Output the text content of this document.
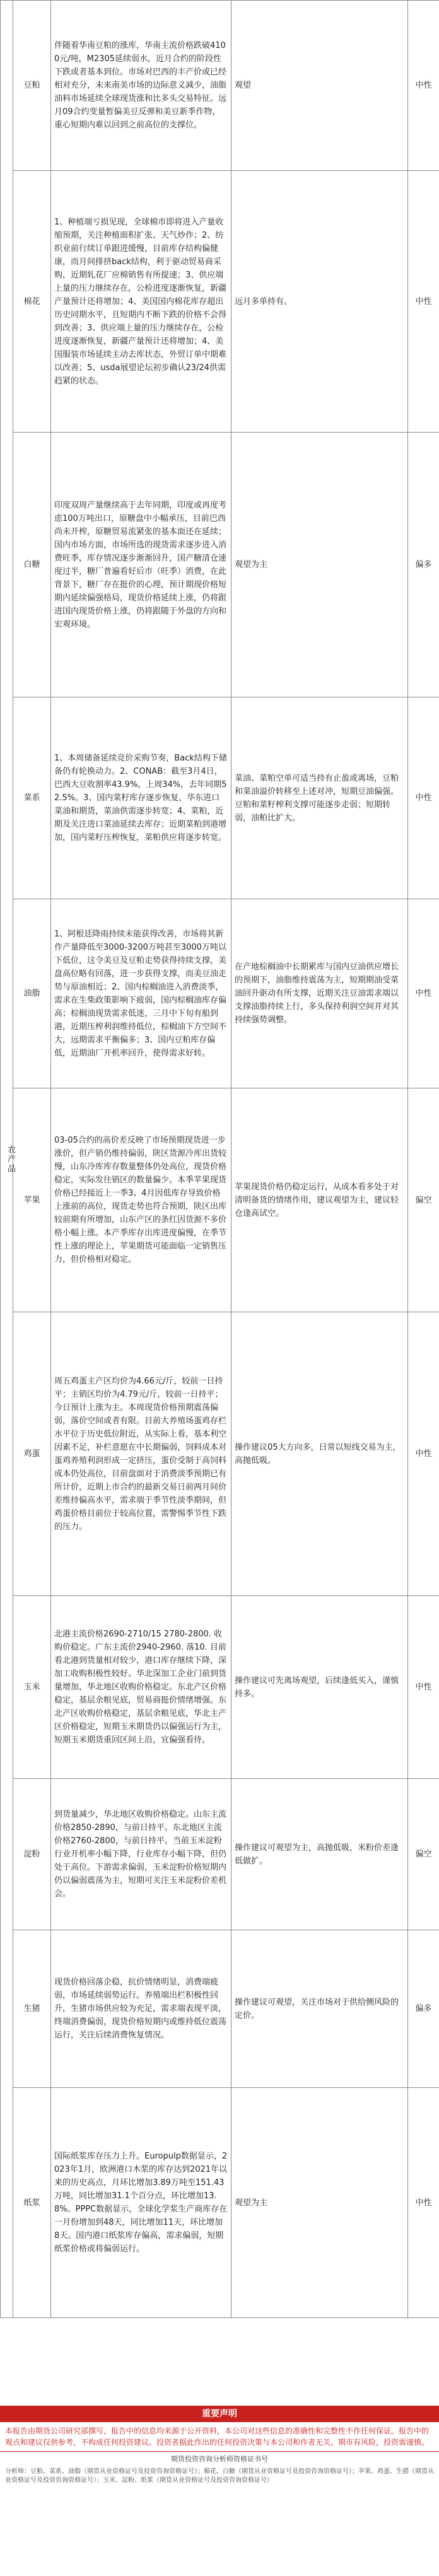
农产品	豆粕	伴随着华南豆粕的涨库，华南主流价格跌破4100元/吨，M2305延续弱水，近月合约的阶段性下跌或者基本到位。市场对巴西的丰产价或已经相对充分，未来南美市场的边际意义减少，油脂油料市场延续全球现货涨和比多头交易特征。远月09合约变量暂偏美豆反弹和美豆新季作物，重心短期内难以回到之前高位的支撑位。	观望	中性
	棉花	1、种植端亏损见现，全球棉市即将进入产量收缩预期，关注种植面积扩张、天气炒作；2、纺织业前行续订单跟进缓慢，目前库存结构偏健康，而月间排挤back结构，利于驱动贸易商采购，近期轧花厂应棉销售有所提速；3、供应端上量的压力继续存在，公检进度逐渐恢复，新疆产量预计还将增加；4、美国国内棉花库存超出历史同期水平，且短期内不断下跌的价格不会得到改善；3、供应端上量的压力继续存在，公检进度逐渐恢复，新疆产量预计还将增加；4、美国服装市场延续主动去库状态，外贸订单中期难以改善；5、usda展望论坛初步确认23/24供需趋紧的状态。	远月多单持有。	中性
	白糖	印度双周产量继续高于去年同期，印度或再度考虑100万吨出口，原糖盘中小幅承压，目前巴西尚未开榨，原糖贸易流紧张的基本面还在延续；国内市场方面，市场所选的现货需求逐步进入消费旺季，库存情况逐步渐渐回升，国产糖清仓速度过半，糖厂普遍看好后市（旺季）消费，在此背景下，糖厂存在挺价的心理，预计期现价格短期内延续偏强格局，现货价格延续上涨，仍将跟进国内现货价格上涨，仍将跟随于外盘的方向和宏观环境。	观望为主	偏多
	菜系	1、本周储备延续竞价采购节奏，Back结构下储备仍有轮换动力。2、CONAB：截至3月4日，巴西大豆收割率43.9%，上周34%，去年同期52.5%。3、国内菜籽库存逐步恢复，华东进口菜油和期货，菜油供需逐步转宽；4、菜粕，近期及关注进口菜油延续去库存；近期菜粕到港增加，国内菜籽压榨恢复，菜粕供应将逐步转宽。	菜油、菜粕空单可适当持有止盈或离场，豆粕和菜油溢价转移至上述对冲，短期豆油偏强。豆粕和菜籽榨利支撑可能逐步走弱；短期转弱，油粕比扩大。	中性
	油脂	1、阿根廷降雨持续未能获得改善，市场将其新作产量降低至3000-3200万吨甚至3000万吨以下低位，这令美豆及豆粕走势获得持续支撑，美盘高位略有回落，进一步获得支撑，而美豆油走势与原油相近；2、国内棕榈油进入消费淡季，需求在生柴政策影响下疲弱，国内棕榈油库存偏高；棕榈油现货需求低迷，三月中下旬有船到港，近期压榨利润维持低位，棕榈油下方空间不大，远期需求平衡偏多；3、国内豆粕库存偏低，近期油厂开机率回升，使得需求好转。	在产地棕榈油中长期累库与国内豆油供应增长的预期下，油脂维持震荡为主，短期期油受菜油回升驱动有所支撑，近期关注豆油需求端以支撑油脂持续上行，多头保持利润空间并对其持续强势调整。	中性
	苹果	03-05合约的高价差反映了市场预期现货进一步涨价，但产销仍维持偏弱，陕区货源冷库出货较慢，山东冷库库存数量整体仍处高位，现货价格稳定，实际发往销区的数量偏少。本季苹果现货价格已经接近上一季3、4月因低库存导致价格上涨前的高位，现货走势也符合预期，陕区出库较前期有所增加，山东产区的条红因货源不多价格小幅上涨。本产季库存出库进度偏慢，在季节性上涨的理论上，苹果期货可能面临一定销售压力，但价格相对稳定。	苹果现货价格仍稳定运行，从成本看多处于对清明备货的情绪作用，建议观望为主，建议轻仓逢高试空。	偏空
	鸡蛋	周五鸡蛋主产区均价为4.66元/斤，较前一日持平；主销区均价为4.79元/斤，较前一日持平；今日预计上涨为主。本周现货价格预期震荡偏弱，落价空间或者有限。目前大养殖场蛋鸡存栏水平位于历史低位附近，从实际上看，基本利空因素不足，补栏意愿在中长期偏弱，饲料成本对蛋鸡养殖利润形成一定挤压，蛋价受制于高饲料成本仍处高位，目前盘面对于消费淡季预期已有所计价，近期上市合约的最新交易日前两月间价差维持偏高水平，需求端于季节性淡季期间，但鸡蛋价格目前位于较高位置，需警惕季节性下跌的压力。	操作建议05大方向多，日常以短线交易为主，高抛低吸。	中性
	玉米	北港主流价格2690-2710/15 2780-2800. 收购价稳定。广东主流价2940-2960. 落10. 目前看北港到货量相对较少，港口库存继续下降，深加工收购积极性较好。华北深加工企业门前到货量增加，华北地区收购价格稳定。东北产区价格稳定，基层余粮见底，贸易商挺价情绪增强。东北产区收购价格稳定，基层余粮见底，华北主产区价格稳定，短期玉米期货仍以偏强运行为主，短期玉米期货重回区间上沿，宜偏强看待。	操作建议可先离场观望，后续逢低买入，谨慎持多。	中性
	淀粉	到货量减少，华北地区收购价格稳定。山东主流价格2850-2890，与前日持平。东北地区主流价格2760-2800，与前日持平。当前玉米淀粉行业开机率小幅下降，行业库存小幅下降，但仍处于高位。下游需求偏弱，玉米淀粉价格短期内仍以偏弱震荡为主，短期可关注玉米淀粉价差机会。	操作建议可观望为主，高抛低吸，米粉价差逢低做扩。	偏空
	生猪	现货价格回落企稳，抗价情绪明显，消费端疲弱，市场延续弱势运行。养殖端出栏积极性回升，生猪市场供应较为充足，需求端表现平淡，终端消费偏弱，现货价格短期内或维持低位震荡运行，关注后续消费恢复情况。	操作建议可观望，关注市场对于供给侧风险的定价。	偏多
	纸浆	国际纸浆库存压力上升。Europulp数据显示，2023年1月，欧洲港口木浆的库存达到2021年以来的历史高点，月环比增加3.89万吨至151.43万吨，同比增加31.1个百分点，环比增加13.8%。PPPC数据显示，全球化学浆生产商库存在一月份增加到48天，同比增加11天，环比增加8天。国内港口纸浆库存偏高，需求偏弱，短期纸浆价格或将偏弱运行。	观望为主	中性
重要声明
本报告由期货公司研究部撰写，报告中的信息均来源于公开资料，本公司对这些信息的准确性和完整性不作任何保证。报告中的观点和建议仅供参考，不构成任何投资建议。投资者据此作出的任何投资决策与本公司和作者无关，期市有风险，投资需谨慎。
期货投资咨询分析师资格证书号
分析师：豆粕、菜系、油脂（期货从业资格证号及投资咨询资格证号）；棉花、白糖（期货从业资格证号及投资咨询资格证号）；苹果、鸡蛋、生猪（期货从业资格证号及投资咨询资格证号）；玉米、淀粉、纸浆（期货从业资格证号及投资咨询资格证号）
